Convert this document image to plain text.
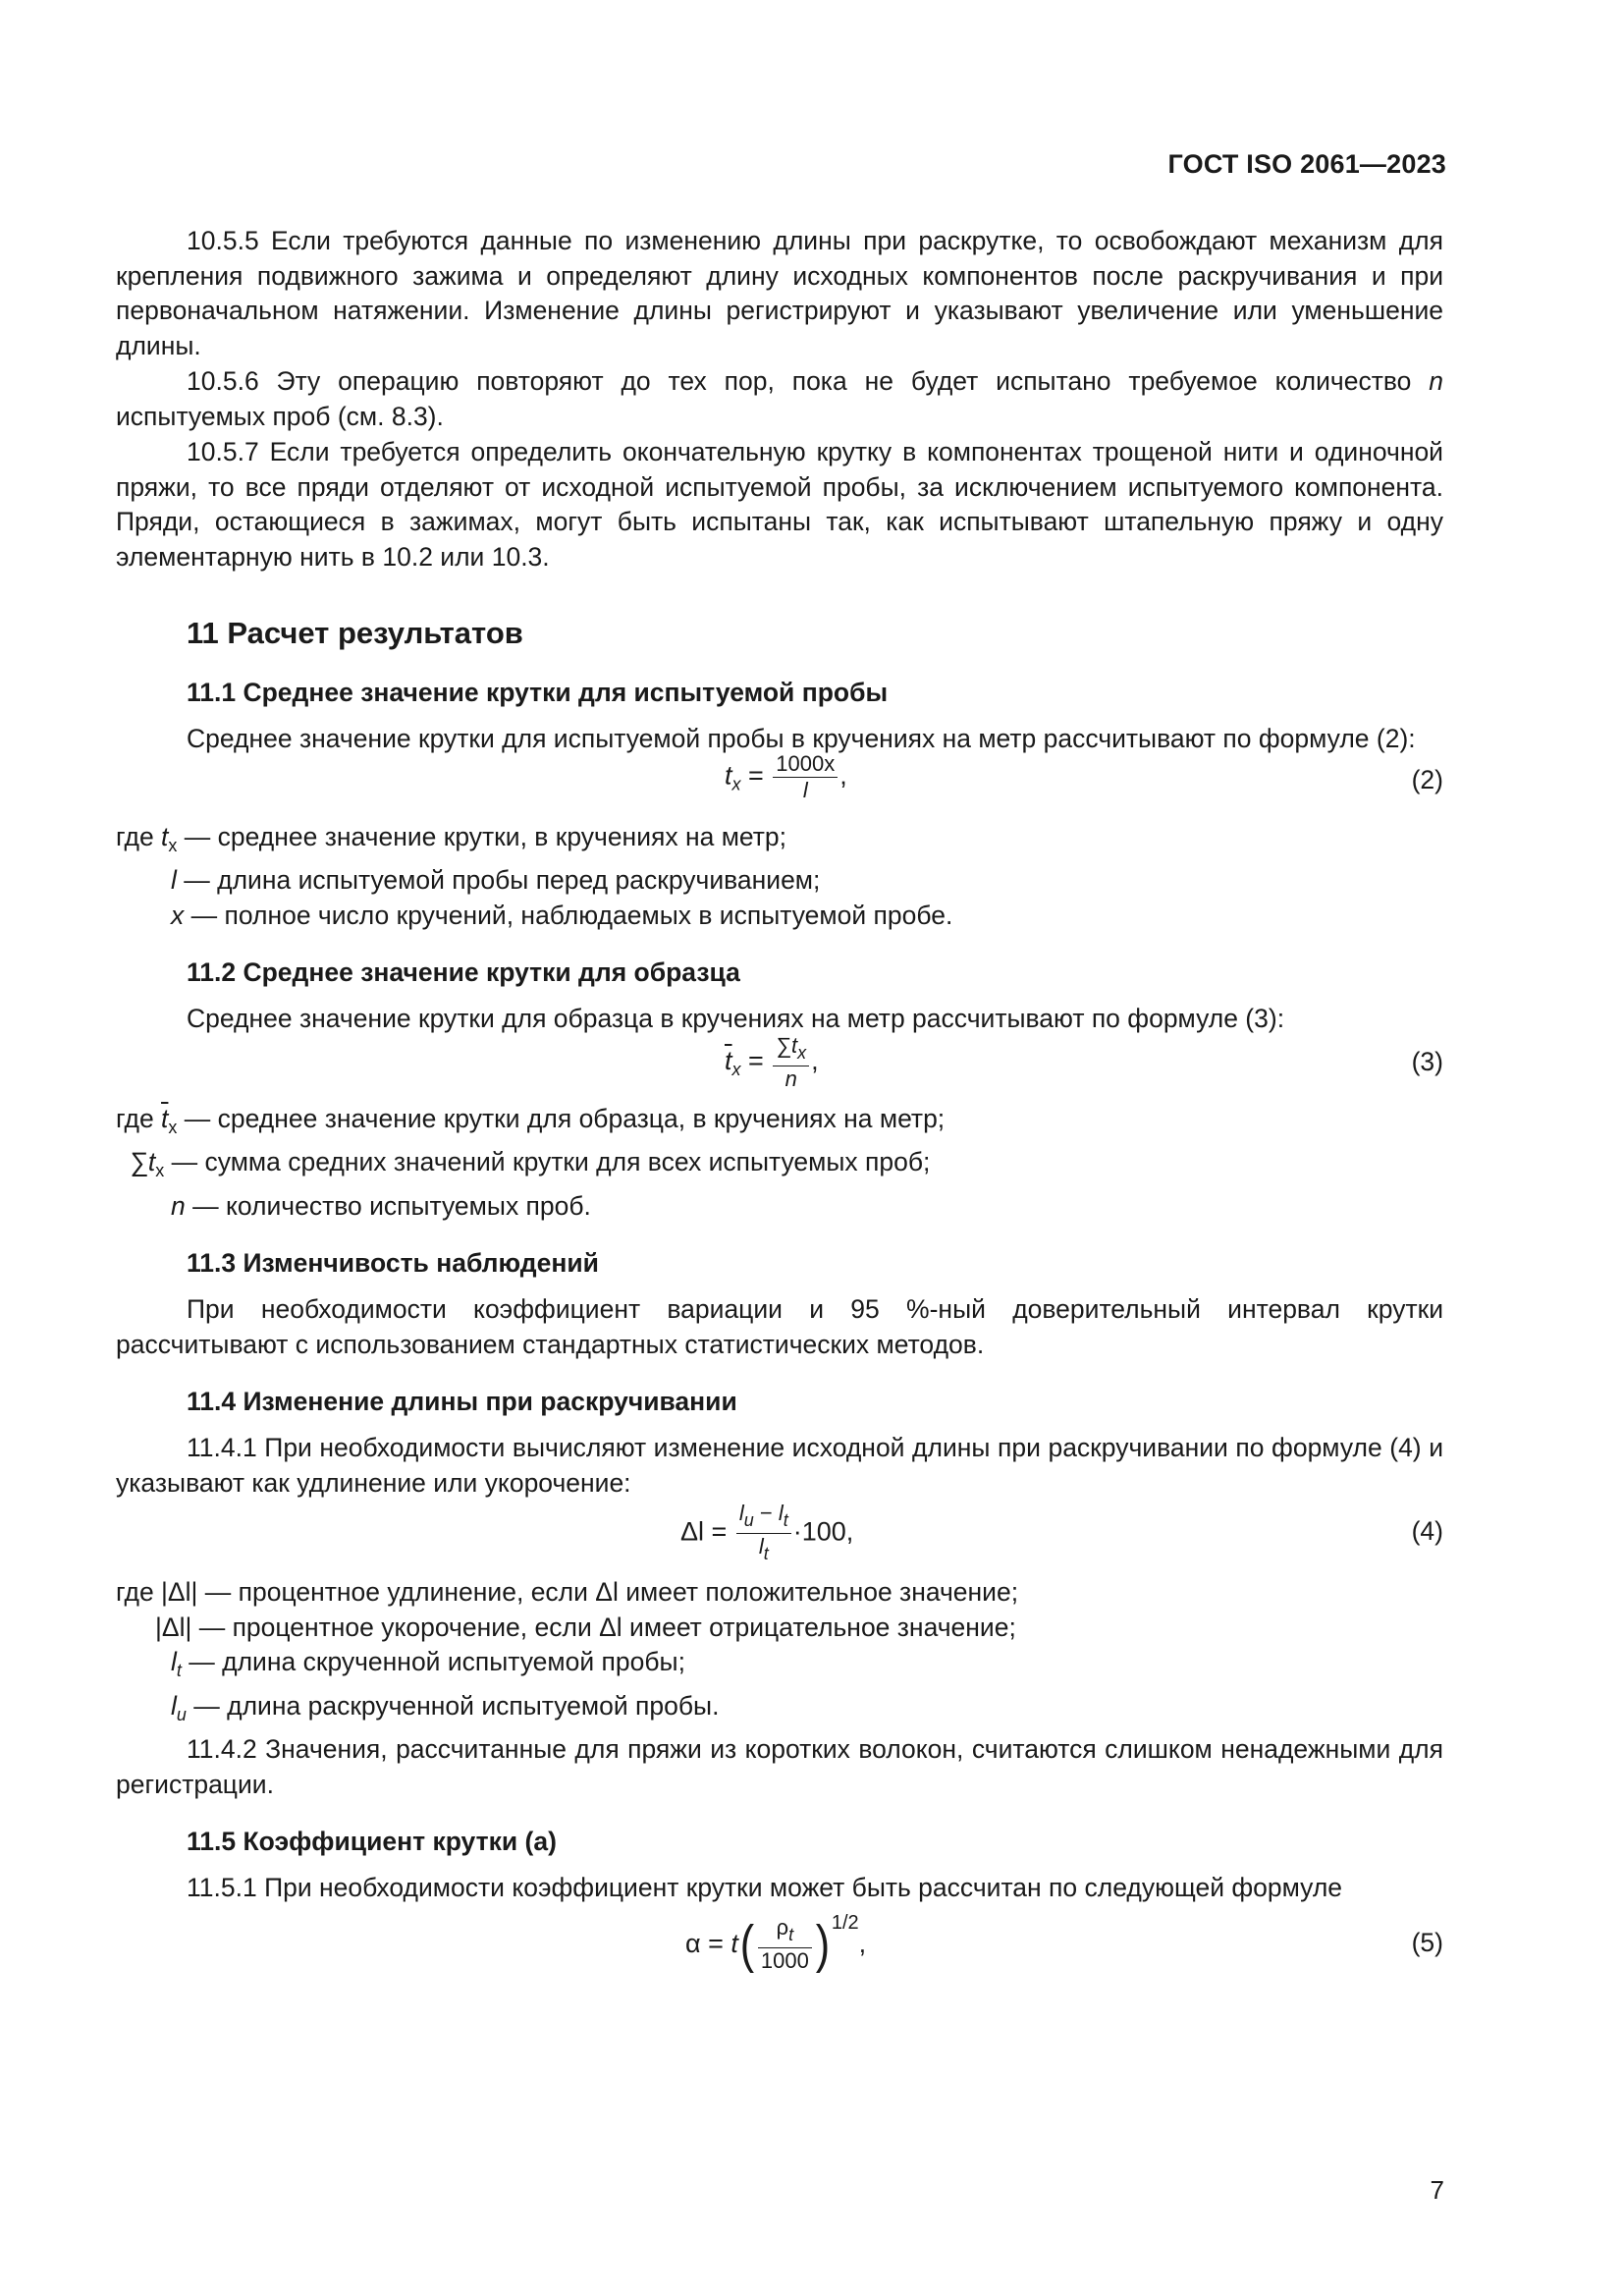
ГОСТ ISO 2061—2023

10.5.5 Если требуются данные по изменению длины при раскрутке, то освобождают механизм для крепления подвижного зажима и определяют длину исходных компонентов после раскручивания и при первоначальном натяжении. Изменение длины регистрируют и указывают увеличение или уменьшение длины.

10.5.6 Эту операцию повторяют до тех пор, пока не будет испытано требуемое количество n испытуемых проб (см. 8.3).

10.5.7 Если требуется определить окончательную крутку в компонентах трощеной нити и одиночной пряжи, то все пряди отделяют от исходной испытуемой пробы, за исключением испытуемого компонента. Пряди, остающиеся в зажимах, могут быть испытаны так, как испытывают штапельную пряжу и одну элементарную нить в 10.2 или 10.3.

11 Расчет результатов
11.1 Среднее значение крутки для испытуемой пробы

Среднее значение крутки для испытуемой пробы в кручениях на метр рассчитывают по формуле (2):

$t_x = \frac{1000x}{l}$ ,	(2)
где $t_x$ — среднее значение крутки, в кручениях на метр;
l — длина испытуемой пробы перед раскручиванием;
x — полное число кручений, наблюдаемых в испытуемой пробе.
11.2 Среднее значение крутки для образца

Среднее значение крутки для образца в кручениях на метр рассчитывают по формуле (3):

$\overline{t}_x = \frac{\sum t_x}{n}$ ,	(3)
где $\overline{t}_x$ — среднее значение крутки для образца, в кручениях на метр;
$\sum t_x$ — сумма средних значений крутки для всех испытуемых проб;
n — количество испытуемых проб.
11.3 Изменчивость наблюдений

При необходимости коэффициент вариации и 95 %-ный доверительный интервал крутки рассчитывают с использованием стандартных статистических методов.

11.4 Изменение длины при раскручивании

11.4.1 При необходимости вычисляют изменение исходной длины при раскручивании по формуле (4) и указывают как удлинение или укорочение:

$\Delta l = \frac{l_u - l_t}{l_t} \cdot 100$,	(4)
где |Δl| — процентное удлинение, если Δl имеет положительное значение;
|Δl| — процентное укорочение, если Δl имеет отрицательное значение;
$l_t$ — длина скрученной испытуемой пробы;
$l_u$ — длина раскрученной испытуемой пробы.

11.4.2 Значения, рассчитанные для пряжи из коротких волокон, считаются слишком ненадежными для регистрации.

11.5 Коэффициент крутки (а)

11.5.1 При необходимости коэффициент крутки может быть рассчитан по следующей формуле

$\alpha = t( \frac{\rho_t}{1000} )^{1/2}$,	(5)
7
